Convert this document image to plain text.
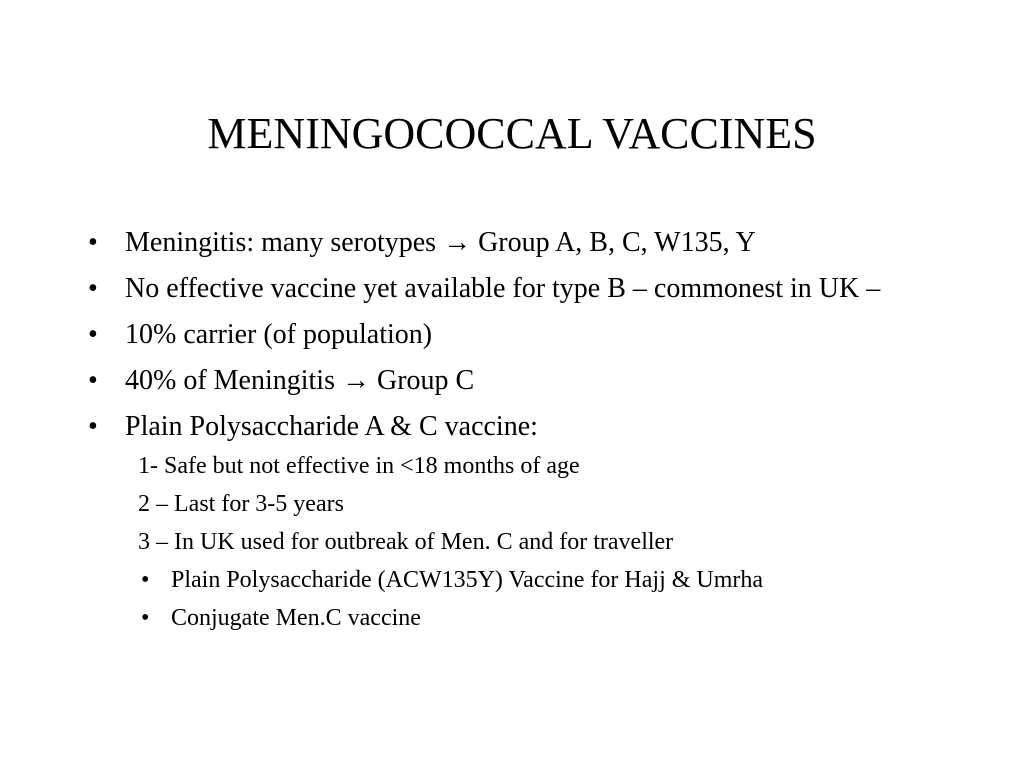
MENINGOCOCCAL VACCINES
• Meningitis: many serotypes → Group A, B, C, W135, Y
• No effective vaccine yet available for type B – commonest in UK –
• 10% carrier (of population)
• 40% of Meningitis → Group C
• Plain Polysaccharide A & C vaccine:
1- Safe but not effective in <18 months of age
2 – Last for 3-5 years
3 – In UK used for outbreak of Men. C and for traveller
• Plain Polysaccharide (ACW135Y) Vaccine for Hajj & Umrha
• Conjugate Men.C vaccine
